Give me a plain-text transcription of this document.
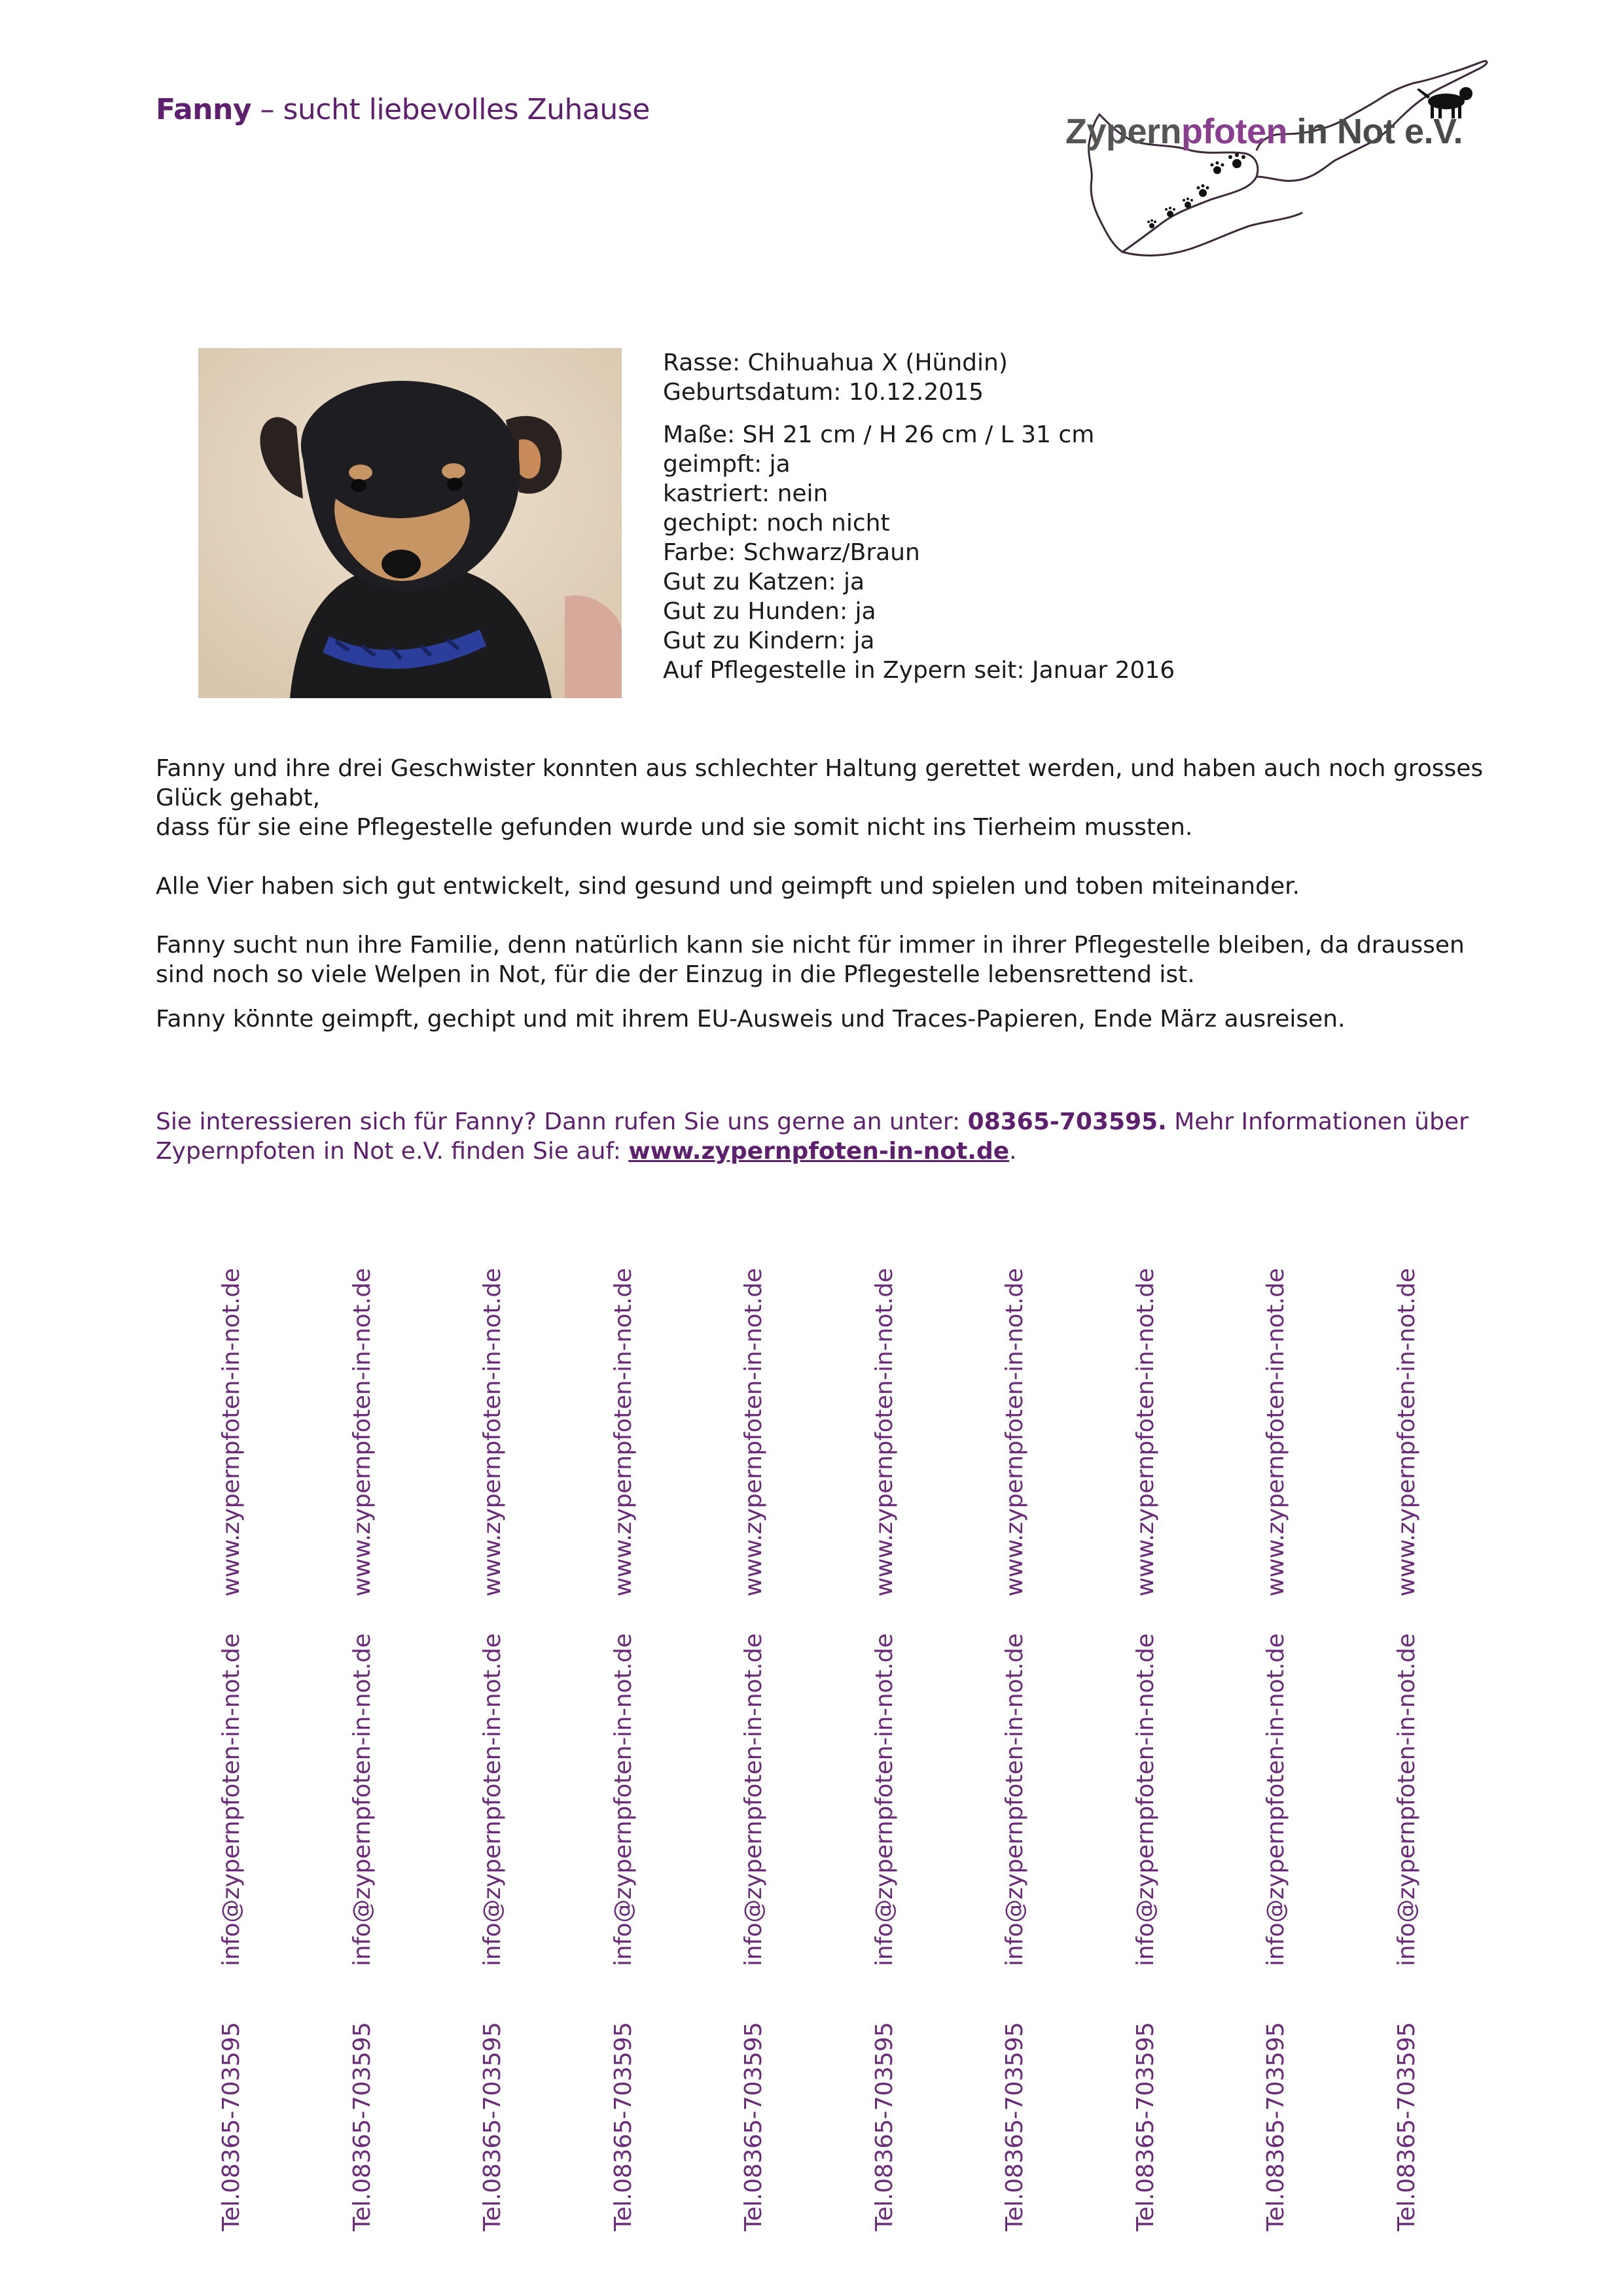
Fanny – sucht liebevolles Zuhause
Zypernpfoten in Not e.V.
Rasse: Chihuahua X (Hündin)
Geburtsdatum: 10.12.2015
Maße: SH 21 cm / H 26 cm / L 31 cm
geimpft: ja
kastriert: nein
gechipt: noch nicht
Farbe: Schwarz/Braun
Gut zu Katzen: ja
Gut zu Hunden: ja
Gut zu Kindern: ja
Auf Pflegestelle in Zypern seit: Januar 2016

Fanny und ihre drei Geschwister konnten aus schlechter Haltung gerettet werden, und haben auch noch grosses Glück gehabt,

dass für sie eine Pflegestelle gefunden wurde und sie somit nicht ins Tierheim mussten.

Alle Vier haben sich gut entwickelt, sind gesund und geimpft und spielen und toben miteinander.

Fanny sucht nun ihre Familie, denn natürlich kann sie nicht für immer in ihrer Pflegestelle bleiben, da draussen sind noch so viele Welpen in Not, für die der Einzug in die Pflegestelle lebensrettend ist.

Fanny könnte geimpft, gechipt und mit ihrem EU-Ausweis und Traces-Papieren, Ende März ausreisen.

Sie interessieren sich für Fanny? Dann rufen Sie uns gerne an unter: 08365-703595. Mehr Informationen über Zypernpfoten in Not e.V. finden Sie auf: www.zypernpfoten-in-not.de.
www.zypernpfoten-in-not.de
info@zypernpfoten-in-not.de
Tel.08365-703595
www.zypernpfoten-in-not.de
info@zypernpfoten-in-not.de
Tel.08365-703595
www.zypernpfoten-in-not.de
info@zypernpfoten-in-not.de
Tel.08365-703595
www.zypernpfoten-in-not.de
info@zypernpfoten-in-not.de
Tel.08365-703595
www.zypernpfoten-in-not.de
info@zypernpfoten-in-not.de
Tel.08365-703595
www.zypernpfoten-in-not.de
info@zypernpfoten-in-not.de
Tel.08365-703595
www.zypernpfoten-in-not.de
info@zypernpfoten-in-not.de
Tel.08365-703595
www.zypernpfoten-in-not.de
info@zypernpfoten-in-not.de
Tel.08365-703595
www.zypernpfoten-in-not.de
info@zypernpfoten-in-not.de
Tel.08365-703595
www.zypernpfoten-in-not.de
info@zypernpfoten-in-not.de
Tel.08365-703595
